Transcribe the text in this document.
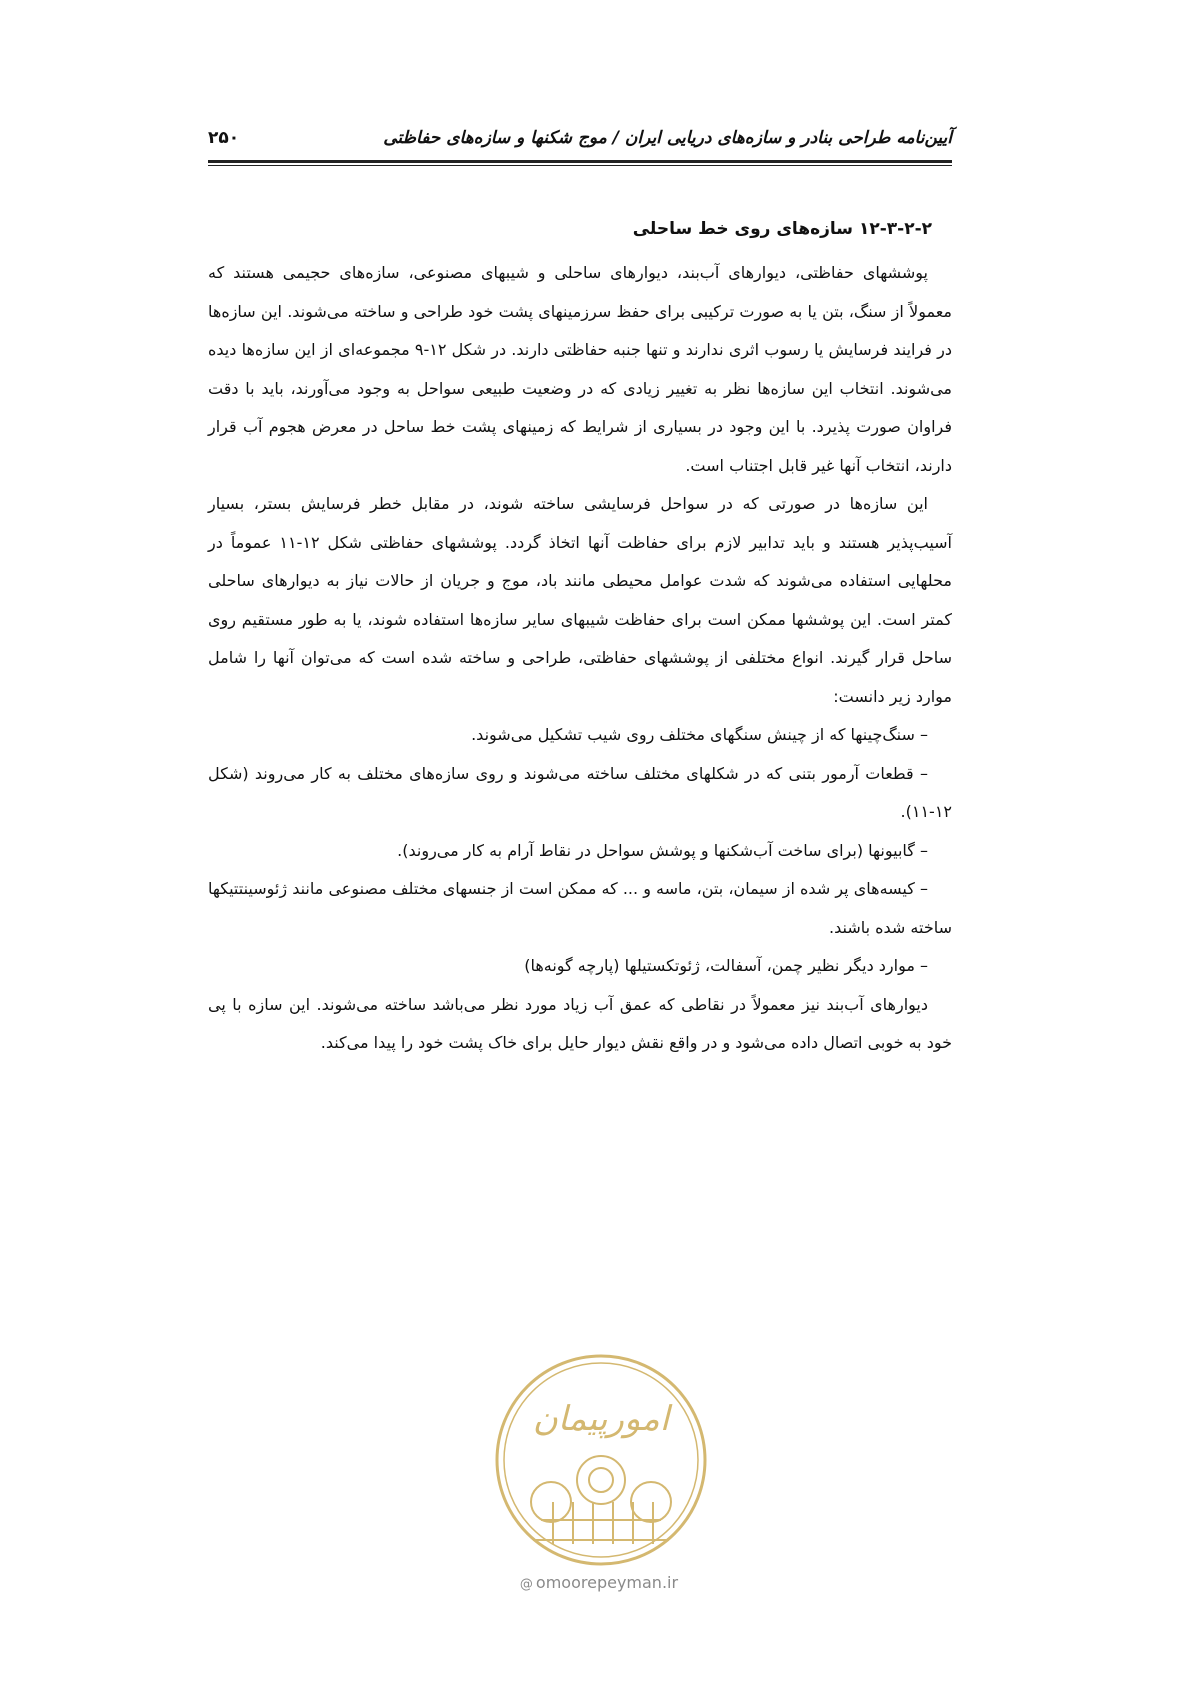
آیین‌نامه طراحی بنادر و سازه‌های دریایی ایران / موج شکنها و سازه‌های حفاظتی
۲۵۰
۱۲-۳-۲-۲ سازه‌های روی خط ساحلی

پوششهای حفاظتی، دیوارهای آب‌بند، دیوارهای ساحلی و شیبهای مصنوعی، سازه‌های حجیمی هستند که معمولاً از سنگ، بتن یا به صورت ترکیبی برای حفظ سرزمینهای پشت خود طراحی و ساخته می‌شوند. این سازه‌ها در فرایند فرسایش یا رسوب اثری ندارند و تنها جنبه حفاظتی دارند. در شکل ۱۲-۹ مجموعه‌ای از این سازه‌ها دیده می‌شوند. انتخاب این سازه‌ها نظر به تغییر زیادی که در وضعیت طبیعی سواحل به وجود می‌آورند، باید با دقت فراوان صورت پذیرد. با این وجود در بسیاری از شرایط که زمینهای پشت خط ساحل در معرض هجوم آب قرار دارند، انتخاب آنها غیر قابل اجتناب است.

این سازه‌ها در صورتی که در سواحل فرسایشی ساخته شوند، در مقابل خطر فرسایش بستر، بسیار آسیب‌پذیر هستند و باید تدابیر لازم برای حفاظت آنها اتخاذ گردد. پوششهای حفاظتی شکل ۱۲-۱۱ عموماً در محلهایی استفاده می‌شوند که شدت عوامل محیطی مانند باد، موج و جریان از حالات نیاز به دیوارهای ساحلی کمتر است. این پوششها ممکن است برای حفاظت شیبهای سایر سازه‌ها استفاده شوند، یا به طور مستقیم روی ساحل قرار گیرند. انواع مختلفی از پوششهای حفاظتی، طراحی و ساخته شده است که می‌توان آنها را شامل موارد زیر دانست:

– سنگ‌چینها که از چینش سنگهای مختلف روی شیب تشکیل می‌شوند.

– قطعات آرمور بتنی که در شکلهای مختلف ساخته می‌شوند و روی سازه‌های مختلف به کار می‌روند (شکل ۱۲-۱۱).

– گابیونها (برای ساخت آب‌شکنها و پوشش سواحل در نقاط آرام به کار می‌روند).

– کیسه‌های پر شده از سیمان، بتن، ماسه و ... که ممکن است از جنسهای مختلف مصنوعی مانند ژئوسینتتیکها ساخته شده باشند.

– موارد دیگر نظیر چمن، آسفالت، ژئوتکستیلها (پارچه گونه‌ها)

دیوارهای آب‌بند نیز معمولاً در نقاطی که عمق آب زیاد مورد نظر می‌باشد ساخته می‌شوند. این سازه با پی خود به خوبی اتصال داده می‌شود و در واقع نقش دیوار حایل برای خاک پشت خود را پیدا می‌کند.

امورپیمان
@ omoorepeyman.ir
